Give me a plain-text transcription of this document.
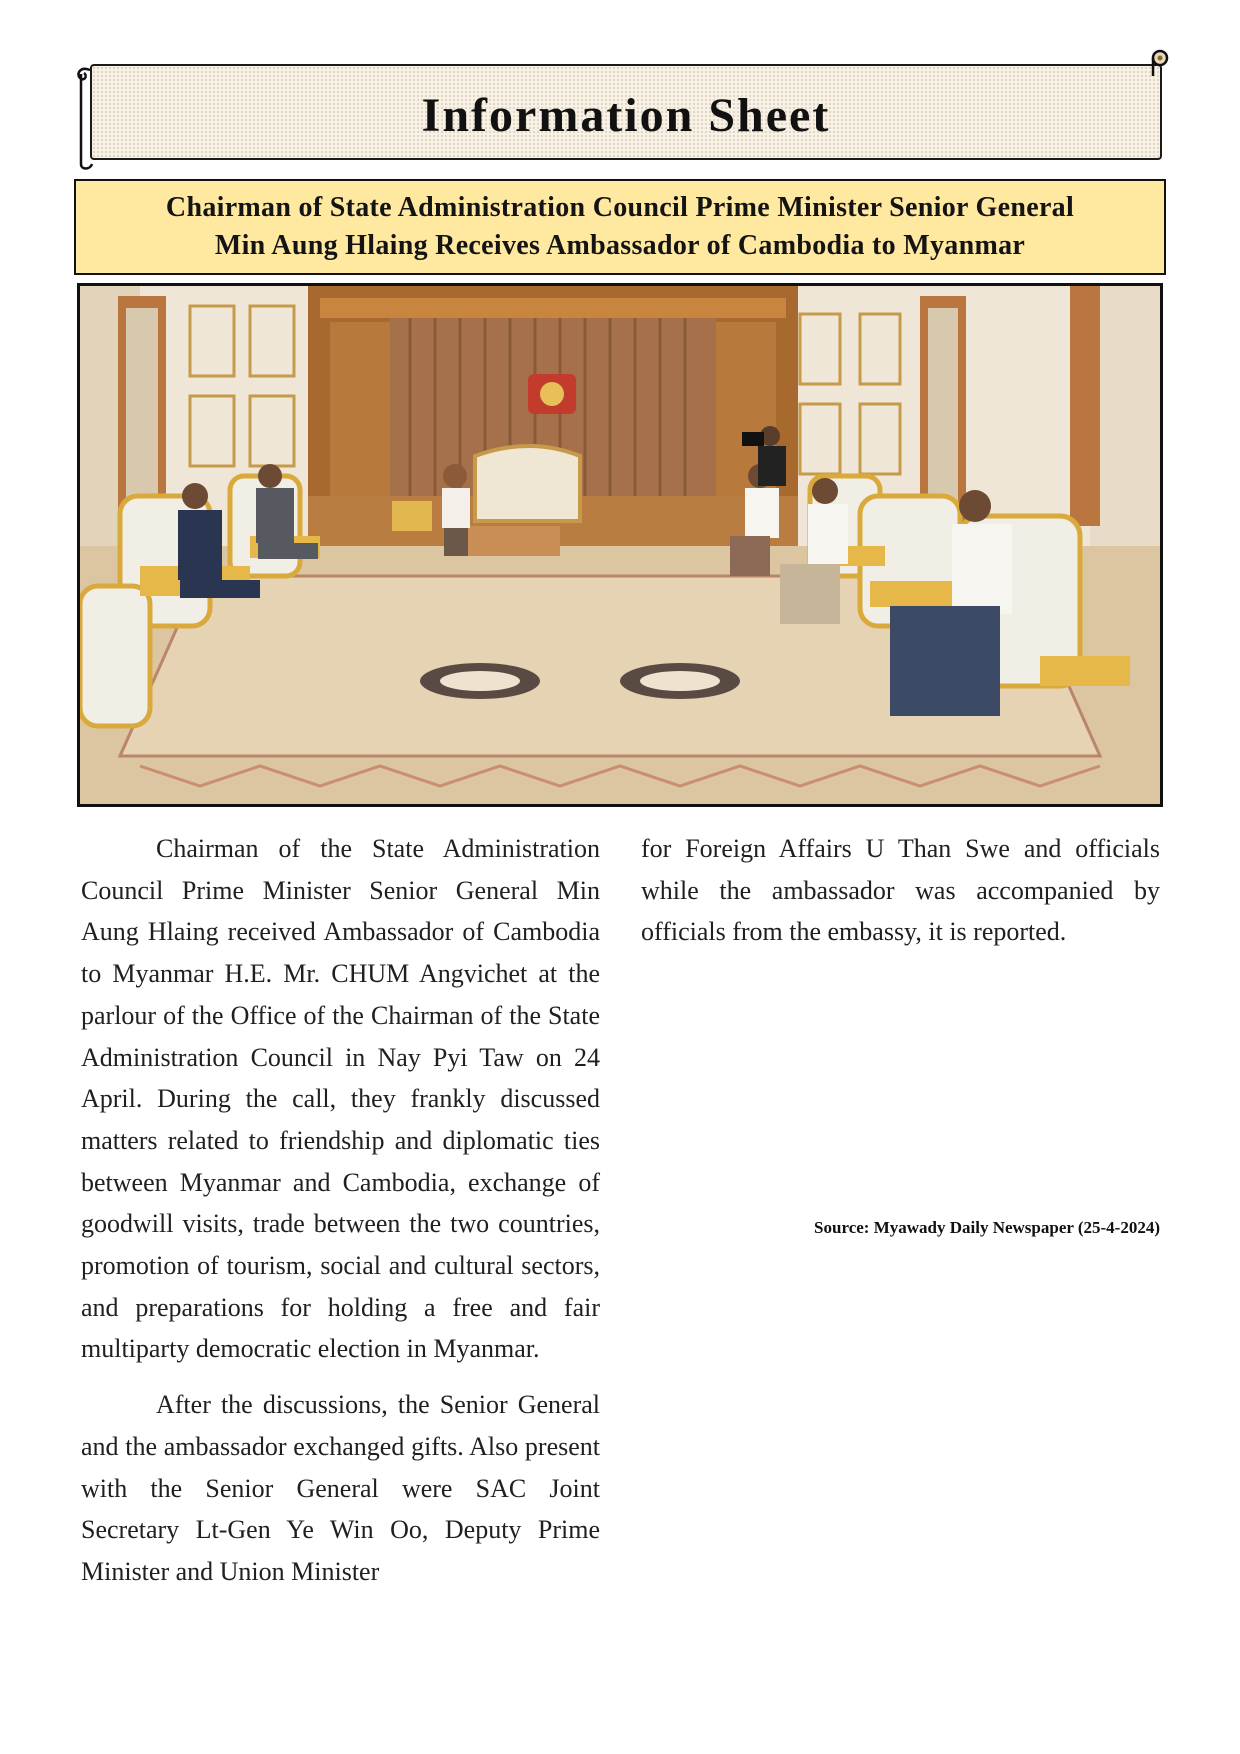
Information Sheet
Chairman of State Administration Council Prime Minister Senior General
Min Aung Hlaing Receives Ambassador of Cambodia to Myanmar

Chairman of the State Administration Council Prime Minister Senior General Min Aung Hlaing received Ambassador of Cambodia to Myanmar H.E. Mr. CHUM Angvichet at the parlour of the Office of the Chairman of the State Administration Council in Nay Pyi Taw on 24 April. During the call, they frankly discussed matters related to friendship and diplomatic ties between Myanmar and Cambodia, exchange of goodwill visits, trade between the two countries, promotion of tourism, social and cultural sectors, and preparations for holding a free and fair multiparty democratic election in Myanmar.

After the discussions, the Senior General and the ambassador exchanged gifts. Also present with the Senior General were SAC Joint Secretary Lt-Gen Ye Win Oo, Deputy Prime Minister and Union Minister

for Foreign Affairs U Than Swe and officials while the ambassador was accompanied by officials from the embassy, it is reported.

Source: Myawady Daily Newspaper (25-4-2024)
